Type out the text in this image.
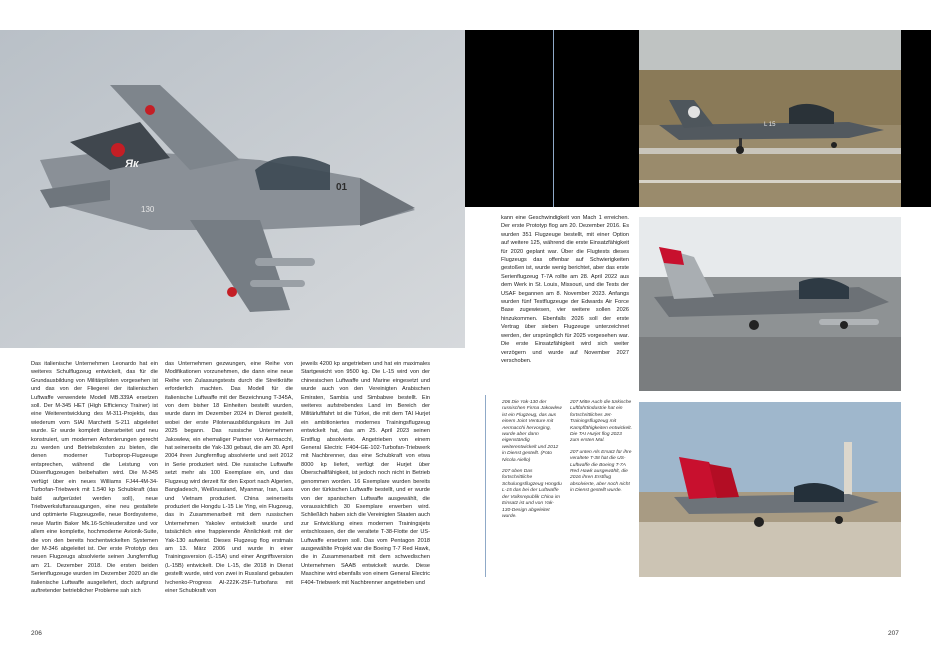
Як
130
01

Das italienische Unternehmen Leonardo hat ein weiteres Schulflugzeug entwickelt, das für die Grundausbildung von Militärpiloten vorgesehen ist und das von der Fliegerei der italienischen Luftwaffe verwendete Modell MB.339A ersetzen soll. Der M-345 HET (High Efficiency Trainer) ist eine Weiterentwicklung des M-311-Projekts, das wiederum vom SIAI Marchetti S-211 abgeleitet wurde. Er wurde komplett überarbeitet und neu konstruiert, um modernen Anforderungen gerecht zu werden und Betriebskosten zu bieten, die denen moderner Turboprop-Flugzeuge entsprechen, während die Leistung von Düsenflugzeugen beibehalten wird. Die M-345 verfügt über ein neues Williams FJ44-4M-34-Turbofan-Triebwerk mit 1.540 kp Schubkraft (das bald aufgerüstet werden soll), neue Triebwerksluftansaugungen, eine neu gestaltete und optimierte Flugzeugzelle, neue Bordsysteme, neue Martin Baker Mk.16-Schleudersitze und vor allem eine komplette, hochmoderne Avionik-Suite, die von den bereits hochentwickelten Systemen der M-346 abgeleitet ist. Der erste Prototyp des neuen Flugzeugs absolvierte seinen Jungfernflug am 21. Dezember 2018. Die ersten beiden Serienflugzeuge wurden im Dezember 2020 an die italienische Luftwaffe ausgeliefert, doch aufgrund auftretender betrieblicher Probleme sah sich

das Unternehmen gezwungen, eine Reihe von Modifikationen vorzunehmen, die dann eine neue Reihe von Zulassungstests durch die Streitkräfte erforderlich machten. Das Modell für die italienische Luftwaffe mit der Bezeichnung T-345A, von dem bisher 18 Einheiten bestellt wurden, wurde dann im Dezember 2024 in Dienst gestellt, wobei der erste Pilotenausbildungskurs im Juli 2025 begann. Das russische Unternehmen Jakowlew, ein ehemaliger Partner von Aermacchi, hat seinerseits die Yak-130 gebaut, die am 30. April 2004 ihren Jungfernflug absolvierte und seit 2012 in Serie produziert wird. Die russische Luftwaffe setzt mehr als 100 Exemplare ein, und das Flugzeug wird derzeit für den Export nach Algerien, Bangladesch, Weißrussland, Myanmar, Iran, Laos und Vietnam produziert. China seinerseits produziert die Hongdu L-15 Lie Ying, ein Flugzeug, das in Zusammenarbeit mit dem russischen Unternehmen Yakolev entwickelt wurde und tatsächlich eine frappierende Ähnlichkeit mit der Yak-130 aufweist. Dieses Flugzeug flog erstmals am 13. März 2006 und wurde in einer Trainingsversion (L-15A) und einer Angriffsversion (L-15B) entwickelt. Die L-15, die 2018 in Dienst gestellt wurde, wird von zwei in Russland gebauten Ivchenko-Progress AI-222K-25F-Turbofans mit einer Schubkraft von

jeweils 4200 kp angetrieben und hat ein maximales Startgewicht von 9500 kg. Die L-15 wird von der chinesischen Luftwaffe und Marine eingesetzt und wurde auch von den Vereinigten Arabischen Emiraten, Sambia und Simbabwe bestellt. Ein weiteres aufstrebendes Land im Bereich der Militärluftfahrt ist die Türkei, die mit dem TAI Hurjet ein ambitioniertes modernes Trainingsflugzeug entwickelt hat, das am 25. April 2023 seinen Erstflug absolvierte. Angetrieben von einem General Electric F404-GE-102-Turbofan-Triebwerk mit Nachbrenner, das eine Schubkraft von etwa 8000 kp liefert, verfügt der Hurjet über Überschallfähigkeit, ist jedoch noch nicht in Betrieb genommen worden. 16 Exemplare wurden bereits von der türkischen Luftwaffe bestellt, und er wurde von der spanischen Luftwaffe ausgewählt, die voraussichtlich 30 Exemplare erwerben wird. Schließlich haben sich die Vereinigten Staaten auch zur Entwicklung eines modernen Trainingsjets entschlossen, der die veraltete T-38-Flotte der US-Luftwaffe ersetzen soll. Das vom Pentagon 2018 ausgewählte Projekt war die Boeing T-7 Red Hawk, die in Zusammenarbeit mit dem schwedischen Unternehmen SAAB entwickelt wurde. Diese Maschine wird ebenfalls von einem General Electric F404-Triebwerk mit Nachbrenner angetrieben und

206
L 15

kann eine Geschwindigkeit von Mach 1 erreichen. Der erste Prototyp flog am 20. Dezember 2016. Es wurden 351 Flugzeuge bestellt, mit einer Option auf weitere 125, während die erste Einsatzfähigkeit für 2020 geplant war. Über die Flugtests dieses Flugzeugs das offenbar auf Schwierigkeiten gestoßen ist, wurde wenig berichtet, aber das erste Serienflugzeug T-7A rollte am 28. April 2022 aus dem Werk in St. Louis, Missouri, und die Tests der USAF begannen am 8. November 2023. Anfangs wurden fünf Testflugzeuge der Edwards Air Force Base zugewiesen, vier weitere sollen 2026 hinzukommen. Ebenfalls 2026 soll der erste Vertrag über sieben Flugzeuge unterzeichnet werden, der ursprünglich für 2025 vorgesehen war. Die erste Einsatzfähigkeit wird sich weiter verzögern und wurde auf November 2027 verschoben.

206 Die Yak-130 der russischen Firma Jakowlew ist ein Flugzeug, das aus einem Joint Venture mit Aermacchi hervorging, wurde aber dann eigenständig weiterentwickelt und 2012 in Dienst gestellt. (Foto Nicola Aiello)

207 oben Das fortschrittliche Schulungsflugzeug Hongdu L-15 das bei der Luftwaffe der Volksrepublik China im Einsatz ist und von Yak-130-Design abgeleitet wurde.

207 Mitte Auch die türkische Luftfahrtindustrie hat ein fortschrittliches Jet-Trainingsflugzeug mit Kampffähigkeiten entwickelt. Die TAI Hurjet flog 2023 zum ersten Mal.

207 unten Als Ersatz für ihre veraltete T-38 hat die US-Luftwaffe die Boeing T-7A Red Hawk ausgewählt, die 2016 ihren Erstflug absolvierte, aber noch nicht in Dienst gestellt wurde.

207
